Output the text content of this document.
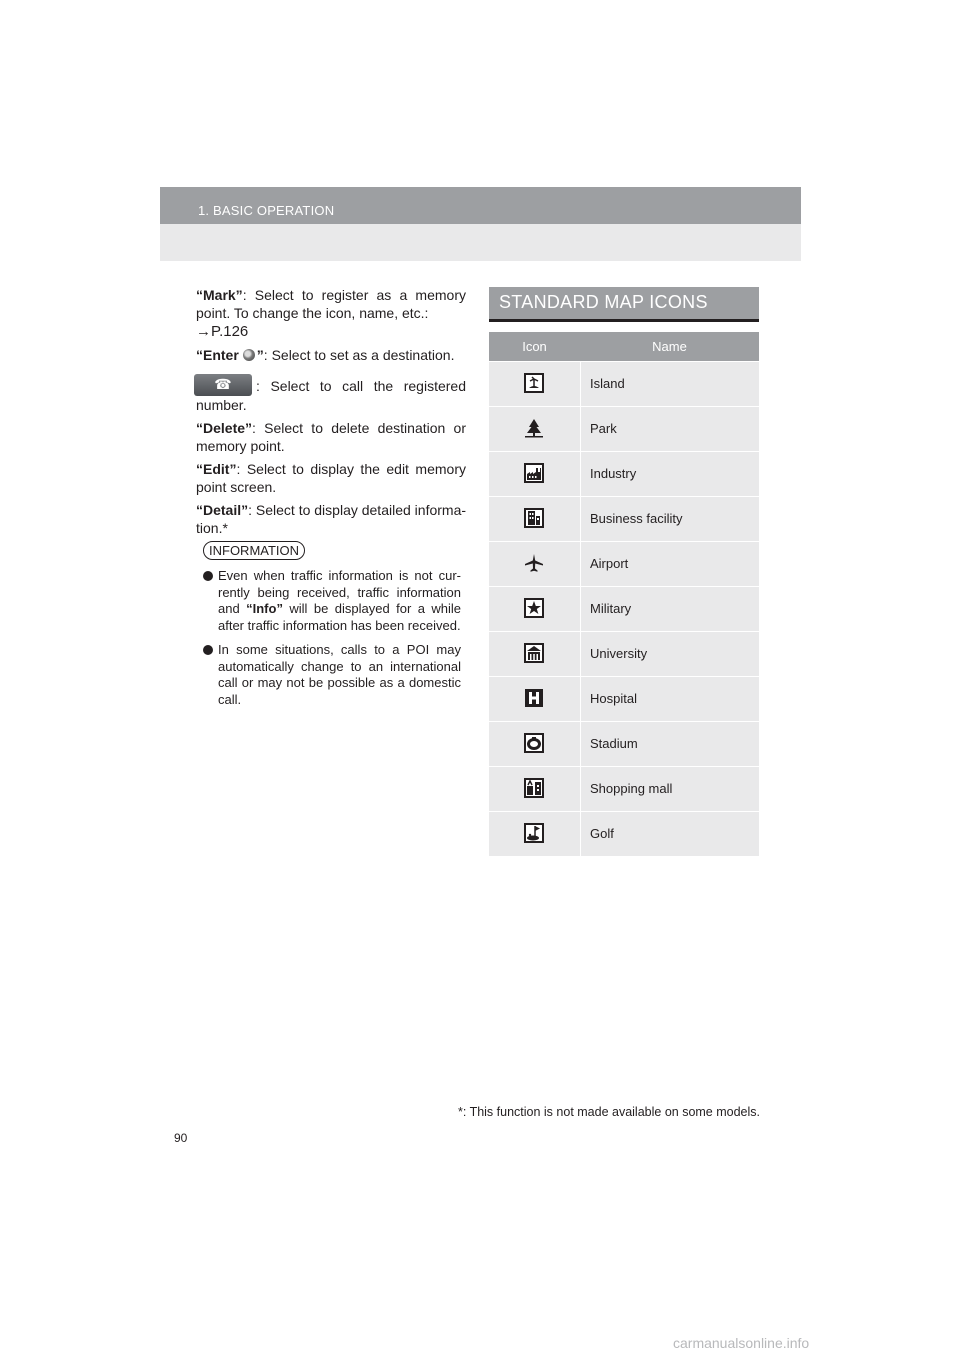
1. BASIC OPERATION

“Mark”: Select to register as a memory point. To change the icon, name, etc.:
→P.126

“Enter ”: Select to set as a destination.

☎	: Select to call the registered number.

“Delete”: Select to delete destination or memory point.

“Edit”: Select to display the edit memory point screen.

“Detail”: Select to display detailed informa-tion.*

INFORMATION
Even when traffic information is not cur-rently being received, traffic information and “Info” will be displayed for a while after traffic information has been received.
In some situations, calls to a POI may automatically change to an international call or may not be possible as a domestic call.
STANDARD MAP ICONS
Icon	Name
Island
Park
Industry
Business facility
Airport
Military
University
Hospital
Stadium
Shopping mall
Golf
*: This function is not made available on some models.
90
carmanualsonline.info
